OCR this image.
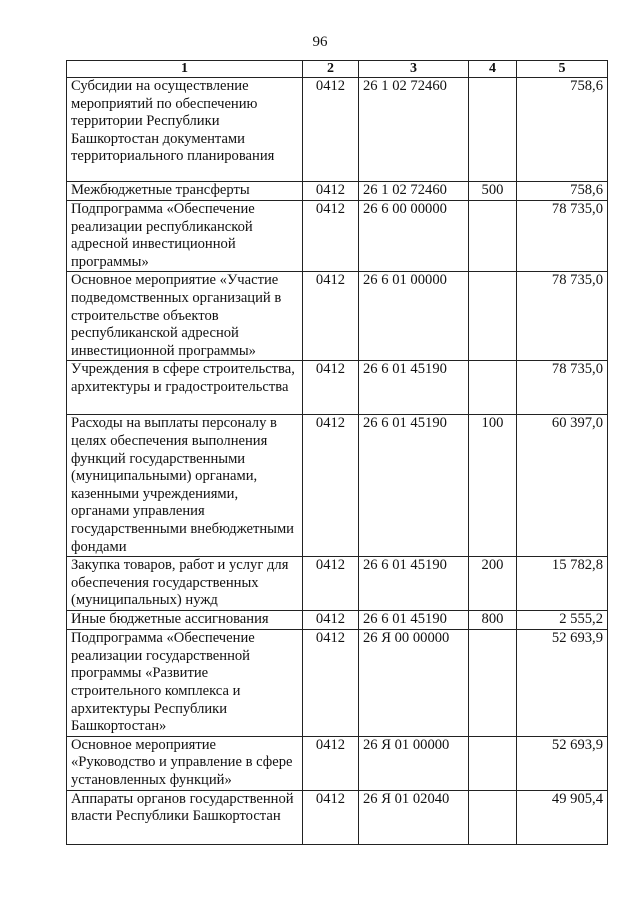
96
1	2	3	4	5
Субсидии на осуществление мероприятий по обеспечению территории Республики Башкортостан документами территориального планирования	0412	26 1 02 72460		758,6
Межбюджетные трансферты	0412	26 1 02 72460	500	758,6
Подпрограмма «Обеспечение реализации республиканской адресной инвестиционной программы»	0412	26 6 00 00000		78 735,0
Основное мероприятие «Участие подведомственных организаций в строительстве объектов республиканской адресной инвестиционной программы»	0412	26 6 01 00000		78 735,0
Учреждения в сфере строительства, архитектуры и градостроительства	0412	26 6 01 45190		78 735,0
Расходы на выплаты персоналу в целях обеспечения выполнения функций государственными (муниципальными) органами, казенными учреждениями, органами управления государственными внебюджетными фондами	0412	26 6 01 45190	100	60 397,0
Закупка товаров, работ и услуг для обеспечения государственных (муниципальных) нужд	0412	26 6 01 45190	200	15 782,8
Иные бюджетные ассигнования	0412	26 6 01 45190	800	2 555,2
Подпрограмма «Обеспечение реализации государственной программы «Развитие строительного комплекса и архитектуры Республики Башкортостан»	0412	26 Я 00 00000		52 693,9
Основное мероприятие «Руководство и управление в сфере установленных функций»	0412	26 Я 01 00000		52 693,9
Аппараты органов государственной власти Республики Башкортостан	0412	26 Я 01 02040		49 905,4
